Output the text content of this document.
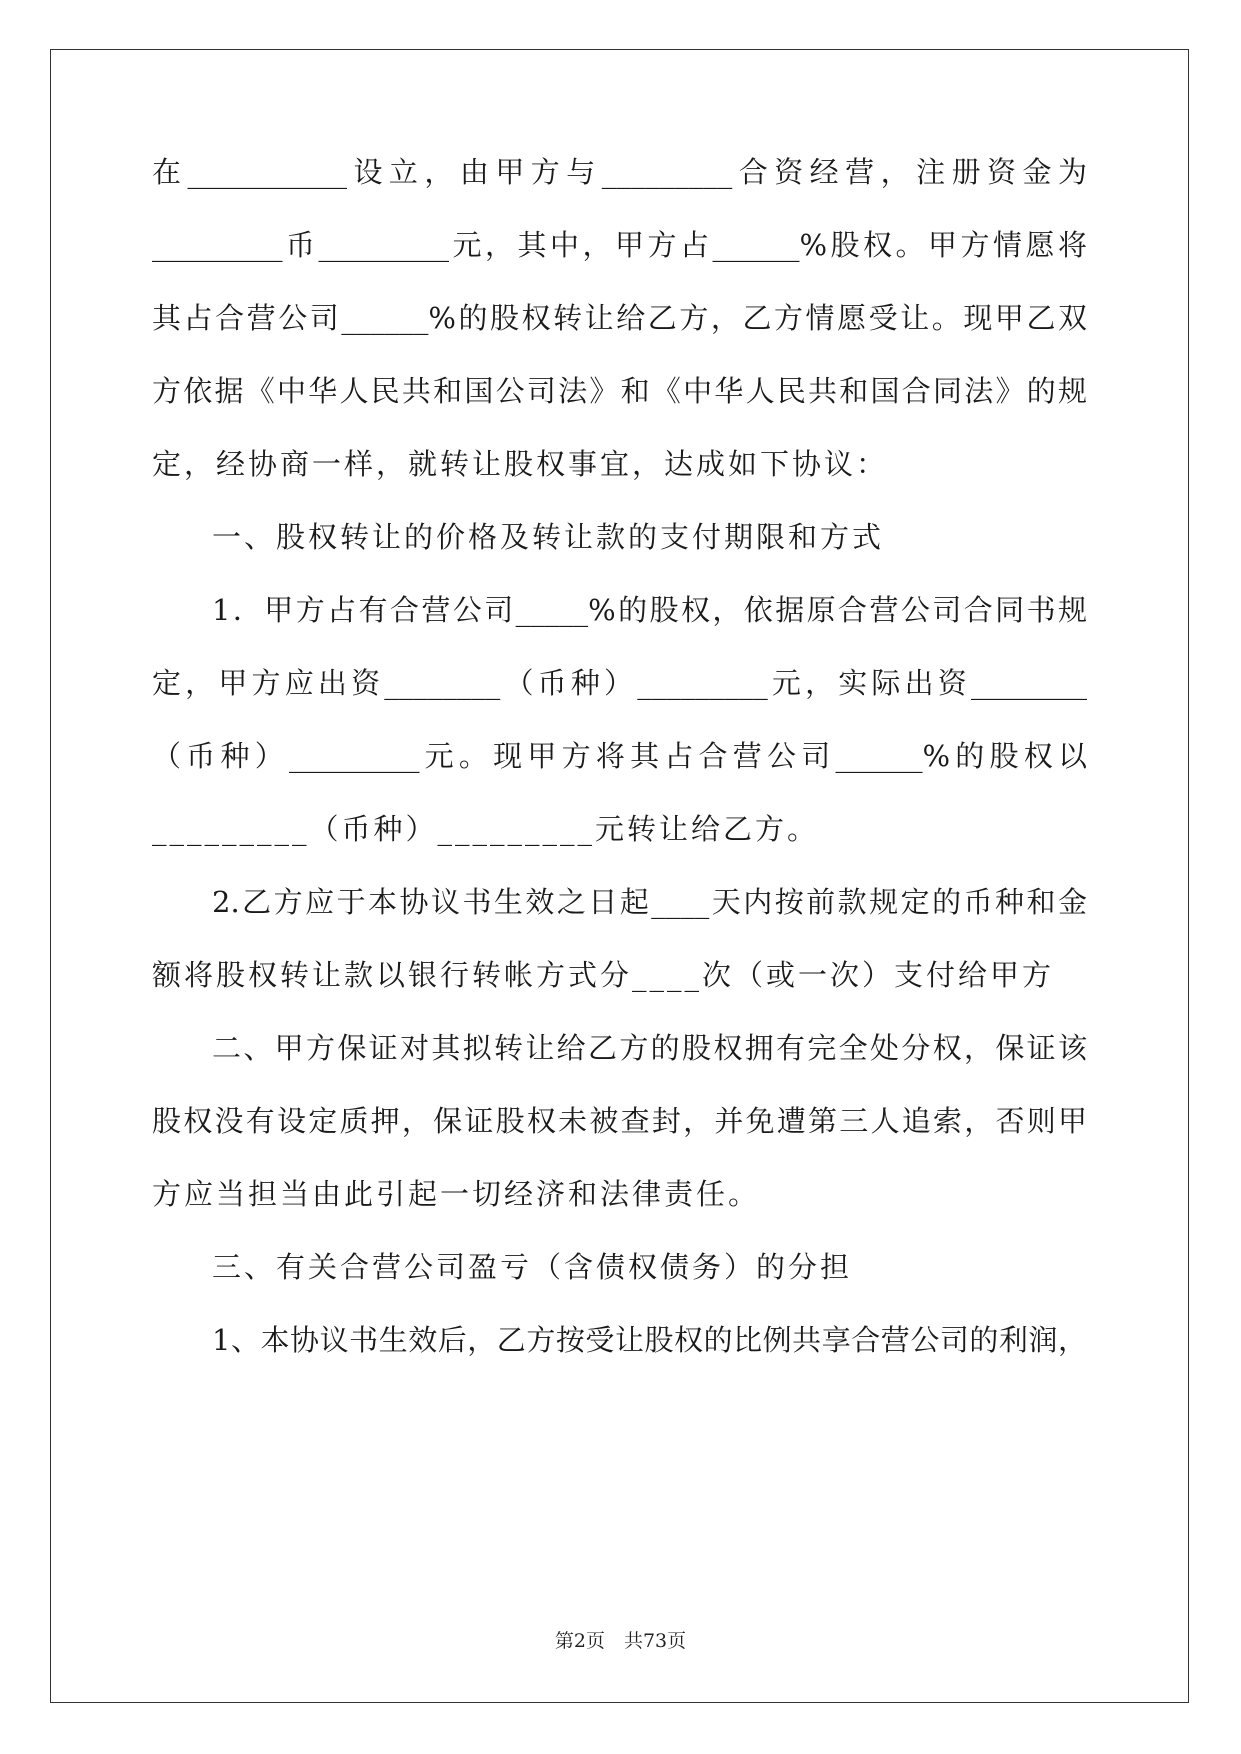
在___________设立，由甲方与_________合资经营，注册资金为
_________币_________元，其中，甲方占______%股权。甲方情愿将
其占合营公司______%的股权转让给乙方，乙方情愿受让。现甲乙双
方依据《中华人民共和国公司法》和《中华人民共和国合同法》的规
定，经协商一样，就转让股权事宜，达成如下协议：
一、股权转让的价格及转让款的支付期限和方式
1．甲方占有合营公司_____%的股权，依据原合营公司合同书规
定，甲方应出资________（币种）_________元，实际出资________
（币种）_________元。现甲方将其占合营公司______%的股权以
_________（币种）_________元转让给乙方。
2.乙方应于本协议书生效之日起____天内按前款规定的币种和金
额将股权转让款以银行转帐方式分____次（或一次）支付给甲方
二、甲方保证对其拟转让给乙方的股权拥有完全处分权，保证该
股权没有设定质押，保证股权未被查封，并免遭第三人追索，否则甲
方应当担当由此引起一切经济和法律责任。
三、有关合营公司盈亏（含债权债务）的分担
1、本协议书生效后，乙方按受让股权的比例共享合营公司的利润，
第2页　共73页
